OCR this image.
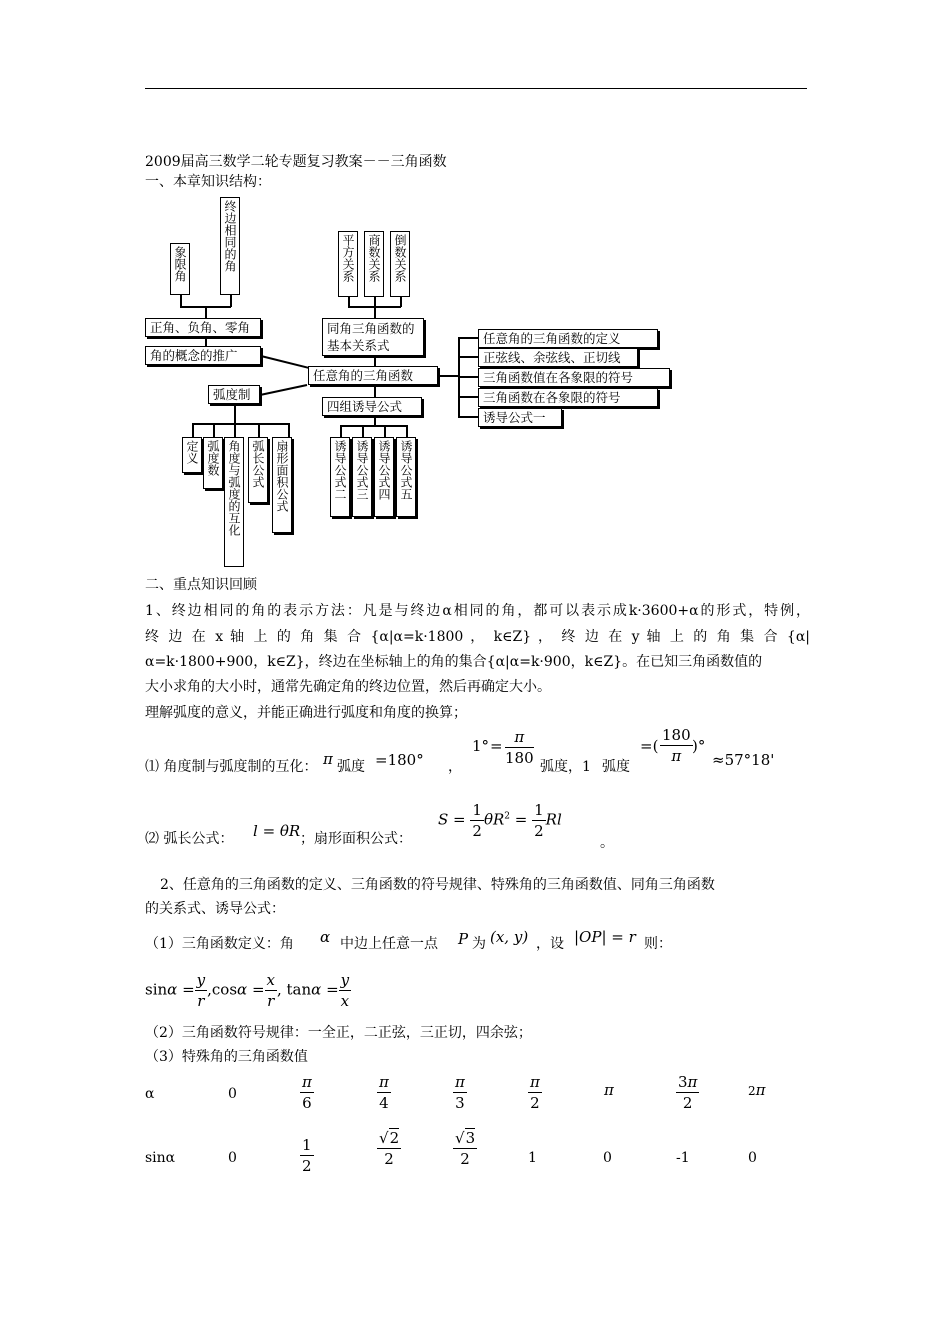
2009届高三数学二轮专题复习教案－－三角函数
一、本章知识结构：
象限角	终边相同的角
正角、负角、零角
角的概念的推广
弧度制
定义 弧度数 角度与弧度的互化 弧长公式 扇形面积公式
平方关系 商数关系 倒数关系
同角三角函数的基本关系式
任意角的三角函数
四组诱导公式
诱导公式二 诱导公式三 诱导公式四 诱导公式五
任意角的三角函数的定义
正弦线、余弦线、正切线
三角函数值在各象限的符号
三角函数在各象限的符号
诱导公式一
二、重点知识回顾
1、终边相同的角的表示方法：凡是与终边α相同的角，都可以表示成k·3600+α的形式，特例，
终 边 在 x 轴 上 的 角 集 合 {α|α=k·1800 ， k∈Z} ， 终 边 在 y 轴 上 的 角 集 合 {α|
α=k·1800+900，k∈Z}，终边在坐标轴上的角的集合{α|α=k·900，k∈Z}。在已知三角函数值的
大小求角的大小时，通常先确定角的终边位置，然后再确定大小。
理解弧度的意义，并能正确进行弧度和角度的换算；
⑴ 角度制与弧度制的互化： π 弧度 =180° ，
$1^\circ = \frac{\pi}{180}$ 弧度，1 弧度
=( $\frac{180}{\pi}$ )°
≈57°18'
⑵ 弧长公式： l = θR ；扇形面积公式：
$S = \frac{1}{2} \theta R^2 = \frac{1}{2}$ Rl
。
2、任意角的三角函数的定义、三角函数的符号规律、特殊角的三角函数值、同角三角函数
的关系式、诱导公式：
（1）三角函数定义：角 α 中边上任意一点 P 为 (x, y) ，设 |OP| = r 则：
$\sin\alpha = \frac{y}{r} ,\cos\alpha = \frac{x}{r}$ , $\tan\alpha = \frac{y}{x}$
（2）三角函数符号规律：一全正，二正弦，三正切，四余弦；
（3）特殊角的三角函数值
α	0	$\frac{\pi}{6}$	$\frac{\pi}{4}$	$\frac{\pi}{3}$	$\frac{\pi}{2}$	π	$\frac{3\pi}{2}$	2π
sinα	0	$\frac{1}{2}$	$\frac{√2}{2}$	$\frac{√3}{2}$	1	0	-1	0
